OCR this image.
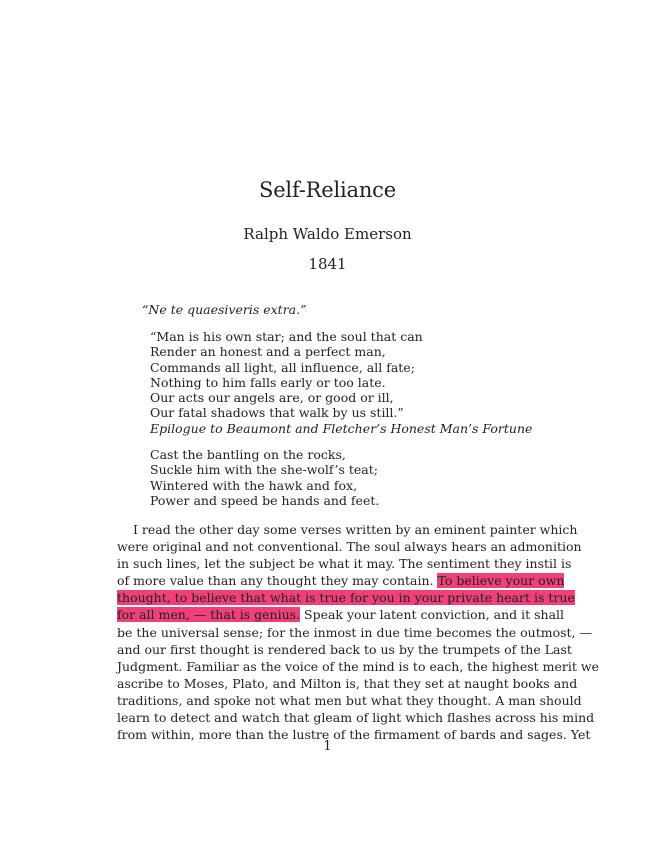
Self-Reliance
Ralph Waldo Emerson
1841
“Ne te quaesiveris extra.”
“Man is his own star; and the soul that can
Render an honest and a perfect man,
Commands all light, all influence, all fate;
Nothing to him falls early or too late.
Our acts our angels are, or good or ill,
Our fatal shadows that walk by us still.”
Epilogue to Beaumont and Fletcher’s Honest Man’s Fortune
Cast the bantling on the rocks,
Suckle him with the she-wolf’s teat;
Wintered with the hawk and fox,
Power and speed be hands and feet.
I read the other day some verses written by an eminent painter which
were original and not conventional. The soul always hears an admonition
in such lines, let the subject be what it may. The sentiment they instil is
of more value than any thought they may contain. To believe your own
thought, to believe that what is true for you in your private heart is true
for all men, — that is genius. Speak your latent conviction, and it shall
be the universal sense; for the inmost in due time becomes the outmost, —
and our first thought is rendered back to us by the trumpets of the Last
Judgment. Familiar as the voice of the mind is to each, the highest merit we
ascribe to Moses, Plato, and Milton is, that they set at naught books and
traditions, and spoke not what men but what they thought. A man should
learn to detect and watch that gleam of light which flashes across his mind
from within, more than the lustre of the firmament of bards and sages. Yet
1
